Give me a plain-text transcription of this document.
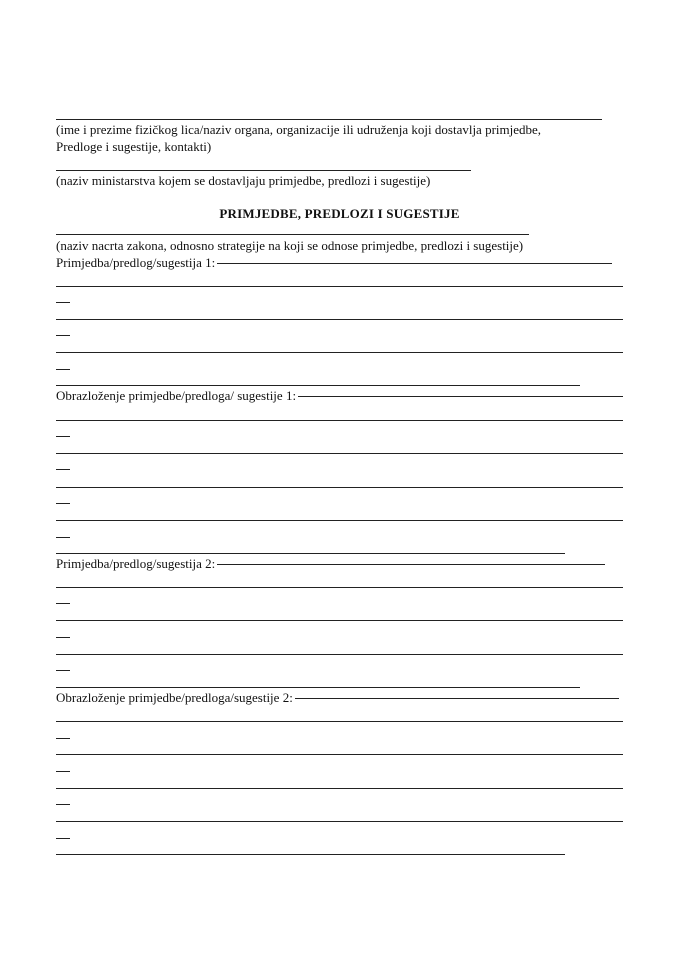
(ime i prezime fizičkog lica/naziv organa, organizacije ili udruženja koji dostavlja primjedbe,
Predloge i sugestije, kontakti)
(naziv ministarstva kojem se dostavljaju primjedbe, predlozi i sugestije)
PRIMJEDBE, PREDLOZI I SUGESTIJE
(naziv nacrta zakona, odnosno strategije na koji se odnose primjedbe, predlozi i sugestije)
Primjedba/predlog/sugestija 1:
Obrazloženje primjedbe/predloga/ sugestije 1:
Primjedba/predlog/sugestija 2:
Obrazloženje primjedbe/predloga/sugestije 2:
